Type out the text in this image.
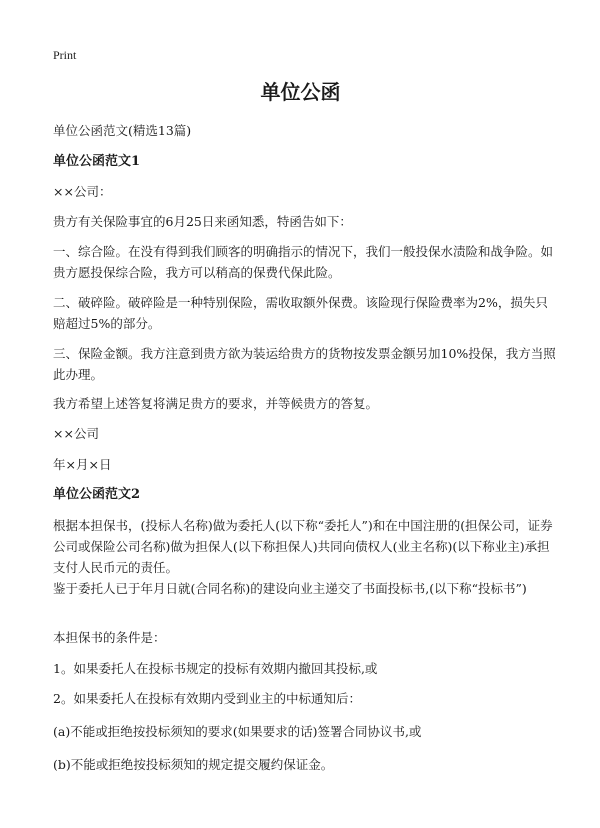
Print
单位公函

单位公函范文(精选13篇)

单位公函范文1

××公司：

贵方有关保险事宜的6月25日来函知悉，特函告如下：

一、综合险。在没有得到我们顾客的明确指示的情况下，我们一般投保水渍险和战争险。如贵方愿投保综合险，我方可以稍高的保费代保此险。

二、破碎险。破碎险是一种特别保险，需收取额外保费。该险现行保险费率为2%，损失只赔超过5%的部分。

三、保险金额。我方注意到贵方欲为装运给贵方的货物按发票金额另加10%投保，我方当照此办理。

我方希望上述答复将满足贵方的要求，并等候贵方的答复。

××公司

年×月×日

单位公函范文2

根据本担保书，(投标人名称)做为委托人(以下称“委托人”)和在中国注册的(担保公司，证券公司或保险公司名称)做为担保人(以下称担保人)共同向债权人(业主名称)(以下称业主)承担支付人民币元的责任。

鉴于委托人已于年月日就(合同名称)的建设向业主递交了书面投标书,(以下称“投标书”)

本担保书的条件是：

1。如果委托人在投标书规定的投标有效期内撤回其投标,或

2。如果委托人在投标有效期内受到业主的中标通知后：

(a)不能或拒绝按投标须知的要求(如果要求的话)签署合同协议书,或

(b)不能或拒绝按投标须知的规定提交履约保证金。
